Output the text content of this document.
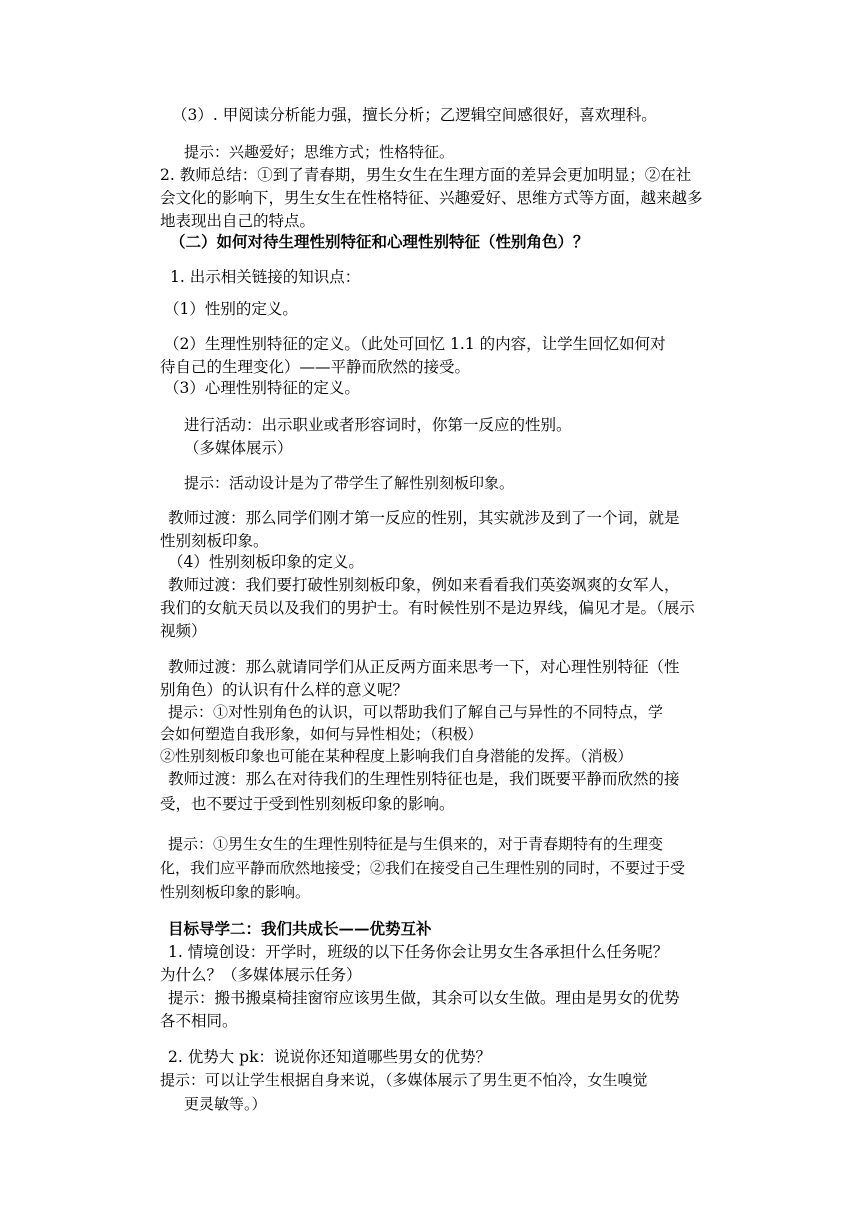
（3）. 甲阅读分析能力强，擅长分析；乙逻辑空间感很好，喜欢理科。
提示：兴趣爱好；思维方式；性格特征。
2. 教师总结：①到了青春期，男生女生在生理方面的差异会更加明显；②在社
会文化的影响下，男生女生在性格特征、兴趣爱好、思维方式等方面，越来越多
地表现出自己的特点。
（二）如何对待生理性别特征和心理性别特征（性别角色）？
1. 出示相关链接的知识点：
（1）性别的定义。
（2）生理性别特征的定义。（此处可回忆 1.1 的内容，让学生回忆如何对
待自己的生理变化）——平静而欣然的接受。
（3）心理性别特征的定义。
进行活动：出示职业或者形容词时，你第一反应的性别。
（多媒体展示）
提示：活动设计是为了带学生了解性别刻板印象。
教师过渡：那么同学们刚才第一反应的性别，其实就涉及到了一个词，就是
性别刻板印象。
（4）性别刻板印象的定义。
教师过渡：我们要打破性别刻板印象，例如来看看我们英姿飒爽的女军人，
我们的女航天员以及我们的男护士。有时候性别不是边界线，偏见才是。（展示
视频）
教师过渡：那么就请同学们从正反两方面来思考一下，对心理性别特征（性
别角色）的认识有什么样的意义呢？
提示：①对性别角色的认识，可以帮助我们了解自己与异性的不同特点，学
会如何塑造自我形象，如何与异性相处；（积极）
②性别刻板印象也可能在某种程度上影响我们自身潜能的发挥。（消极）
教师过渡：那么在对待我们的生理性别特征也是，我们既要平静而欣然的接
受，也不要过于受到性别刻板印象的影响。
提示：①男生女生的生理性别特征是与生俱来的，对于青春期特有的生理变
化，我们应平静而欣然地接受；②我们在接受自己生理性别的同时，不要过于受
性别刻板印象的影响。
目标导学二：我们共成长——优势互补
1. 情境创设：开学时，班级的以下任务你会让男女生各承担什么任务呢？
为什么？（多媒体展示任务）
提示：搬书搬桌椅挂窗帘应该男生做，其余可以女生做。理由是男女的优势
各不相同。
2. 优势大 pk：说说你还知道哪些男女的优势？
提示：可以让学生根据自身来说，（多媒体展示了男生更不怕冷，女生嗅觉
更灵敏等。）
